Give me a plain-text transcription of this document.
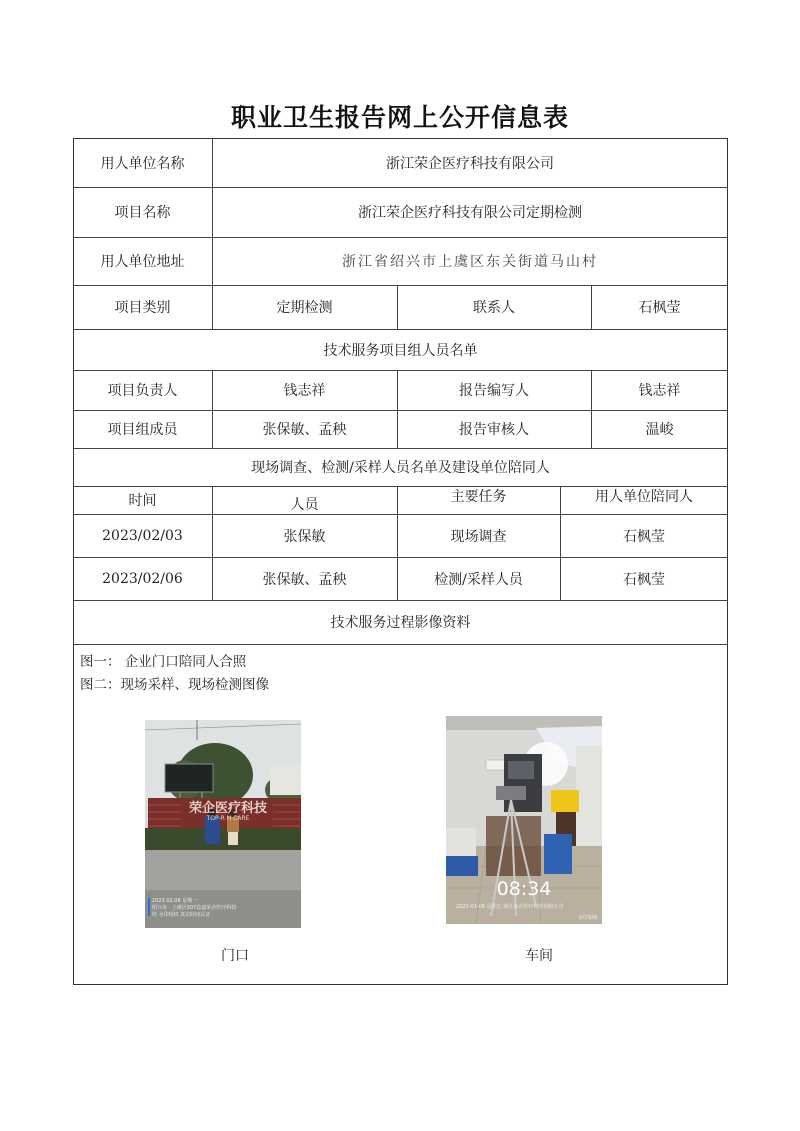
职业卫生报告网上公开信息表
用人单位名称	浙江荣企医疗科技有限公司
项目名称	浙江荣企医疗科技有限公司定期检测
用人单位地址	浙江省绍兴市上虞区东关街道马山村
项目类别	定期检测	联系人	石枫莹
技术服务项目组人员名单
项目负责人	钱志祥	报告编写人	钱志祥
项目组成员	张保敏、孟秧	报告审核人	温峻
现场调查、检测/采样人员名单及建设单位陪同人
时间	人员	主要任务	用人单位陪同人
2023/02/03	张保敏	现场调查	石枫莹
2023/02/06	张保敏、孟秧	检测/采样人员	石枫莹
技术服务过程影像资料
图一： 企业门口陪同人合照
图二：现场采样、现场检测图像
荣企医疗科技
TOP-R H CARE
2023.02.06 星期一
绍兴市 · 上虞区S07县道荣企医疗科技
经 水印相机 真实时间认证
08:34
2023-01-06 星期五 浙江荣企医疗科技有限公司
水印相机
门口	车间
